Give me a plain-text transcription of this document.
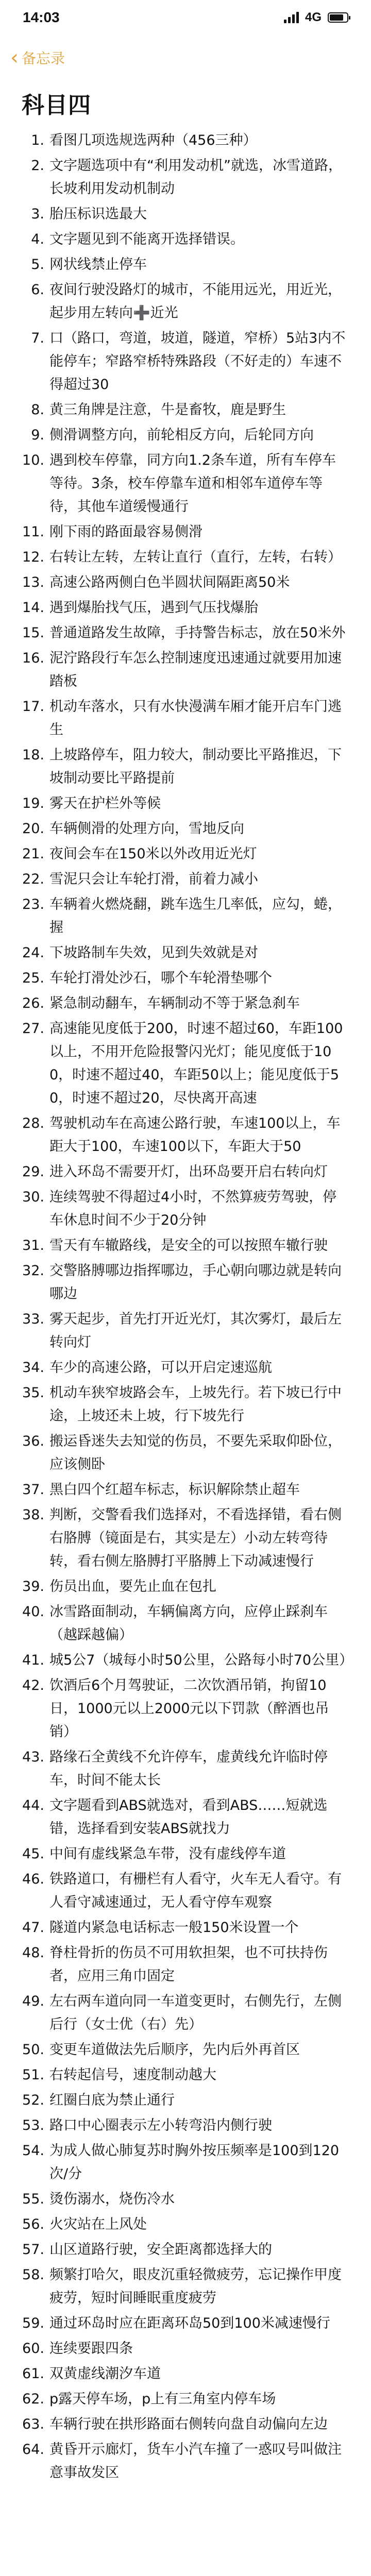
14:03	4G
‹ 备忘录
科目四
1. 看图几项选规选两种（456三种）
2. 文字题选项中有“利用发动机”就选，冰雪道路，长坡利用发动机制动
3. 胎压标识选最大
4. 文字题见到不能离开选择错误。
5. 网状线禁止停车
6. 夜间行驶没路灯的城市，不能用远光，用近光，起步用左转向➕近光
7. 口（路口，弯道，坡道，隧道，窄桥）5站3内不能停车；窄路窄桥特殊路段（不好走的）车速不得超过30
8. 黄三角牌是注意，牛是畜牧，鹿是野生
9. 侧滑调整方向，前轮相反方向，后轮同方向
10. 遇到校车停靠，同方向1.2条车道，所有车停车等待。3条，校车停靠车道和相邻车道停车等待，其他车道缓慢通行
11. 刚下雨的路面最容易侧滑
12. 右转让左转，左转让直行（直行，左转，右转）
13. 高速公路两侧白色半圆状间隔距离50米
14. 遇到爆胎找气压，遇到气压找爆胎
15. 普通道路发生故障，手持警告标志，放在50米外
16. 泥泞路段行车怎么控制速度迅速通过就要用加速踏板
17. 机动车落水，只有水快漫满车厢才能开启车门逃生
18. 上坡路停车，阻力较大，制动要比平路推迟，下坡制动要比平路提前
19. 雾天在护栏外等候
20. 车辆侧滑的处理方向，雪地反向
21. 夜间会车在150米以外改用近光灯
22. 雪泥只会让车轮打滑，前着力减小
23. 车辆着火燃烧翻，跳车选生几率低，应勾，蜷，握
24. 下坡路制车失效，见到失效就是对
25. 车轮打滑处沙石，哪个车轮滑垫哪个
26. 紧急制动翻车，车辆制动不等于紧急刹车
27. 高速能见度低于200，时速不超过60，车距100以上，不用开危险报警闪光灯；能见度低于100，时速不超过40，车距50以上；能见度低于50，时速不超过20，尽快离开高速
28. 驾驶机动车在高速公路行驶，车速100以上，车距大于100，车速100以下，车距大于50
29. 进入环岛不需要开灯，出环岛要开启右转向灯
30. 连续驾驶不得超过4小时，不然算疲劳驾驶，停车休息时间不少于20分钟
31. 雪天有车辙路线，是安全的可以按照车辙行驶
32. 交警胳膊哪边指挥哪边，手心朝向哪边就是转向哪边
33. 雾天起步，首先打开近光灯，其次雾灯，最后左转向灯
34. 车少的高速公路，可以开启定速巡航
35. 机动车狭窄坡路会车，上坡先行。若下坡已行中途，上坡还未上坡，行下坡先行
36. 搬运昏迷失去知觉的伤员，不要先采取仰卧位，应该侧卧
37. 黑白四个红超车标志，标识解除禁止超车
38. 判断，交警看我们选择对，不看选择错，看右侧右胳膊（镜面是右，其实是左）小动左转弯待转，看右侧左胳膊打平胳膊上下动减速慢行
39. 伤员出血，要先止血在包扎
40. 冰雪路面制动，车辆偏离方向，应停止踩刹车（越踩越偏）
41. 城5公7（城每小时50公里，公路每小时70公里）
42. 饮酒后6个月驾驶证，二次饮酒吊销，拘留10日，1000元以上2000元以下罚款（醉酒也吊销）
43. 路缘石全黄线不允许停车，虚黄线允许临时停车，时间不能太长
44. 文字题看到ABS就选对，看到ABS……短就选错，选择看到安装ABS就找力
45. 中间有虚线紧急车带，没有虚线停车道
46. 铁路道口，有栅栏有人看守，火车无人看守。有人看守减速通过，无人看守停车观察
47. 隧道内紧急电话标志一般150米设置一个
48. 脊柱骨折的伤员不可用软担架，也不可扶持伤者，应用三角巾固定
49. 左右两车道向同一车道变更时，右侧先行，左侧后行（女士优（右）先）
50. 变更车道做法先后顺序，先内后外再首区
51. 右转起信号，速度制动越大
52. 红圈白底为禁止通行
53. 路口中心圈表示左小转弯沿内侧行驶
54. 为成人做心肺复苏时胸外按压频率是100到120次/分
55. 烫伤溺水，烧伤冷水
56. 火灾站在上风处
57. 山区道路行驶，安全距离都选择大的
58. 频繁打哈欠，眼皮沉重轻微疲劳，忘记操作甲度疲劳，短时间睡眠重度疲劳
59. 通过环岛时应在距离环岛50到100米减速慢行
60. 连续要跟四条
61. 双黄虚线潮汐车道
62. p露天停车场，p上有三角室内停车场
63. 车辆行驶在拱形路面右侧转向盘自动偏向左边
64. 黄昏开示廊灯，货车小汽车撞了一惑叹号叫做注意事故发区
